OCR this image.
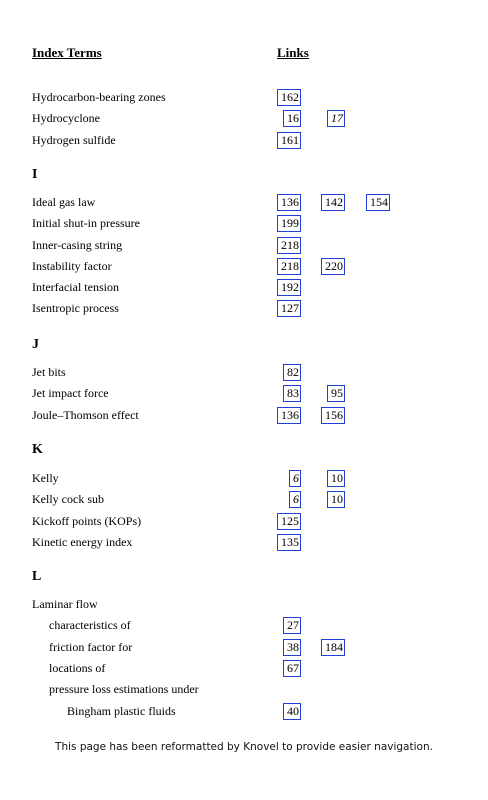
Index Terms	Links
Hydrocarbon-bearing zones	162
Hydrocyclone	16	17
Hydrogen sulfide	161
I
Ideal gas law	136	142	154
Initial shut-in pressure	199
Inner-casing string	218
Instability factor	218	220
Interfacial tension	192
Isentropic process	127
J
Jet bits	82
Jet impact force	83	95
Joule–Thomson effect	136	156
K
Kelly	6	10
Kelly cock sub	6	10
Kickoff points (KOPs)	125
Kinetic energy index	135
L
Laminar flow
characteristics of	27
friction factor for	38	184
locations of	67
pressure loss estimations under
Bingham plastic fluids	40
This page has been reformatted by Knovel to provide easier navigation.
